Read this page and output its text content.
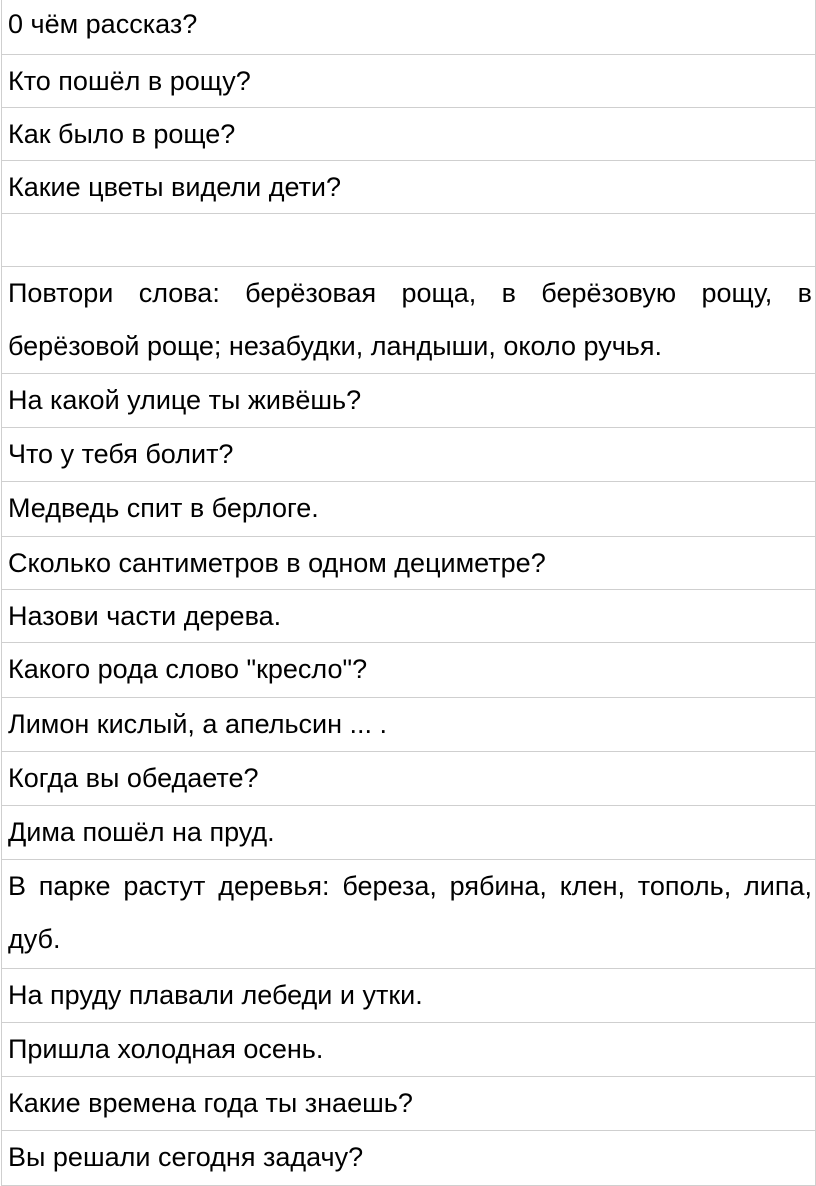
0 чём рассказ?
Кто пошёл в рощу?
Как было в роще?
Какие цветы видели дети?
Повтори слова: берёзовая роща, в берёзовую рощу, в берёзовой роще; незабудки, ландыши, около ручья.
На какой улице ты живёшь?
Что у тебя болит?
Медведь спит в берлоге.
Сколько сантиметров в одном дециметре?
Назови части дерева.
Какого рода слово "кресло"?
Лимон кислый, а апельсин ... .
Когда вы обедаете?
Дима пошёл на пруд.
В парке растут деревья: береза, рябина, клен, тополь, липа, дуб.
На пруду плавали лебеди и утки.
Пришла холодная осень.
Какие времена года ты знаешь?
Вы решали сегодня задачу?
